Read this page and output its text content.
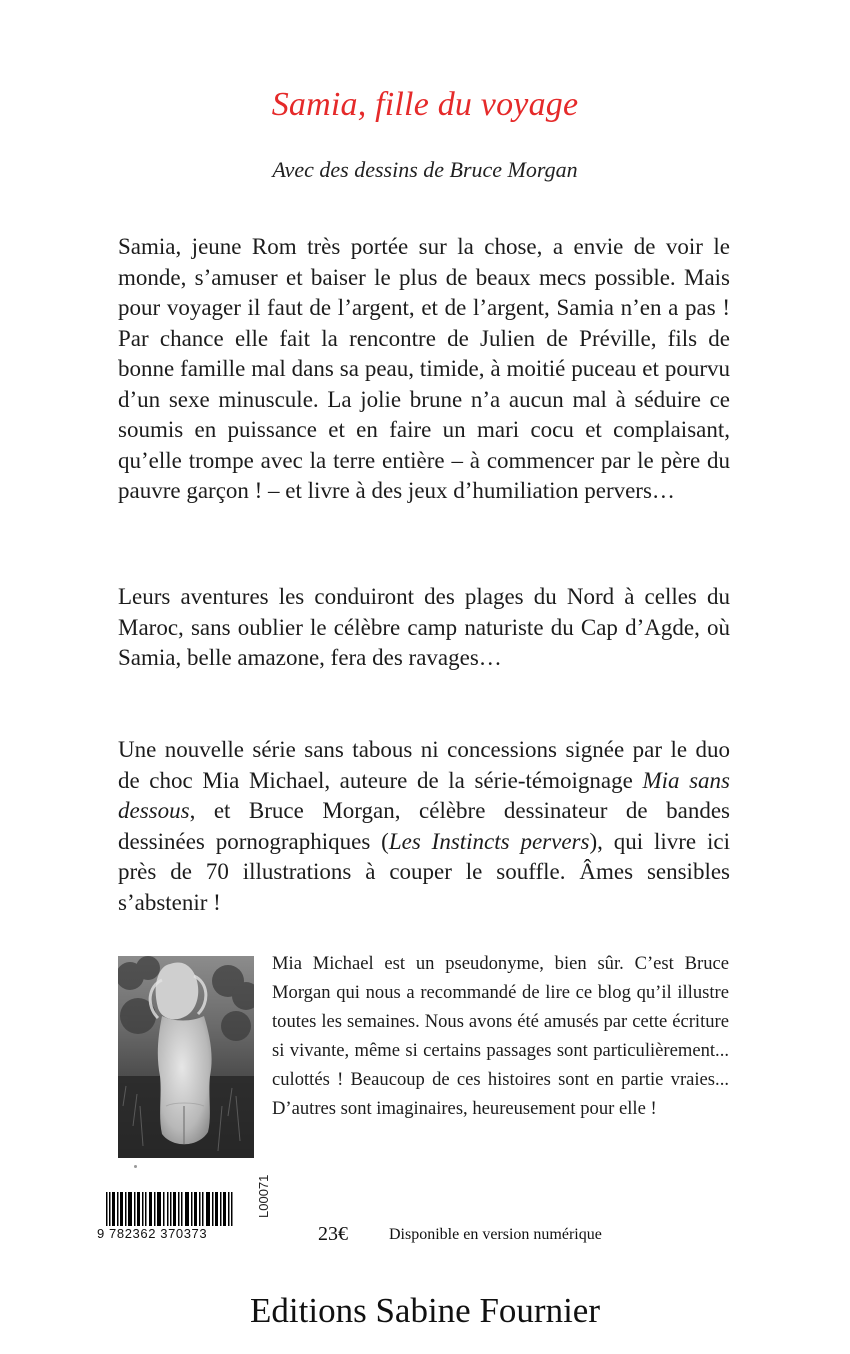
Samia, fille du voyage
Avec des dessins de Bruce Morgan

Samia, jeune Rom très portée sur la chose, a envie de voir le monde, s’amuser et baiser le plus de beaux mecs possible. Mais pour voyager il faut de l’argent, et de l’argent, Samia n’en a pas ! Par chance elle fait la rencontre de Julien de Préville, fils de bonne famille mal dans sa peau, timide, à moitié puceau et pourvu d’un sexe minuscule. La jolie brune n’a aucun mal à séduire ce soumis en puissance et en faire un mari cocu et complaisant, qu’elle trompe avec la terre entière – à commencer par le père du pauvre garçon ! – et livre à des jeux d’humiliation pervers…

Leurs aventures les conduiront des plages du Nord à celles du Maroc, sans oublier le célèbre camp naturiste du Cap d’Agde, où Samia, belle amazone, fera des ravages…

Une nouvelle série sans tabous ni concessions signée par le duo de choc Mia Michael, auteure de la série-témoignage Mia sans dessous, et Bruce Morgan, célèbre dessinateur de bandes dessinées pornographiques (Les Instincts pervers), qui livre ici près de 70 illustrations à couper le souffle. Âmes sensibles s’abstenir !

Mia Michael est un pseudonyme, bien sûr. C’est Bruce Morgan qui nous a recommandé de lire ce blog qu’il illustre toutes les semaines. Nous avons été amusés par cette écriture si vivante, même si certains passages sont particulièrement... culottés ! Beaucoup de ces histoires sont en partie vraies... D’autres sont imaginaires, heureusement pour elle !

9 782362 370373
L00071
23€	Disponible en version numérique
Editions Sabine Fournier
